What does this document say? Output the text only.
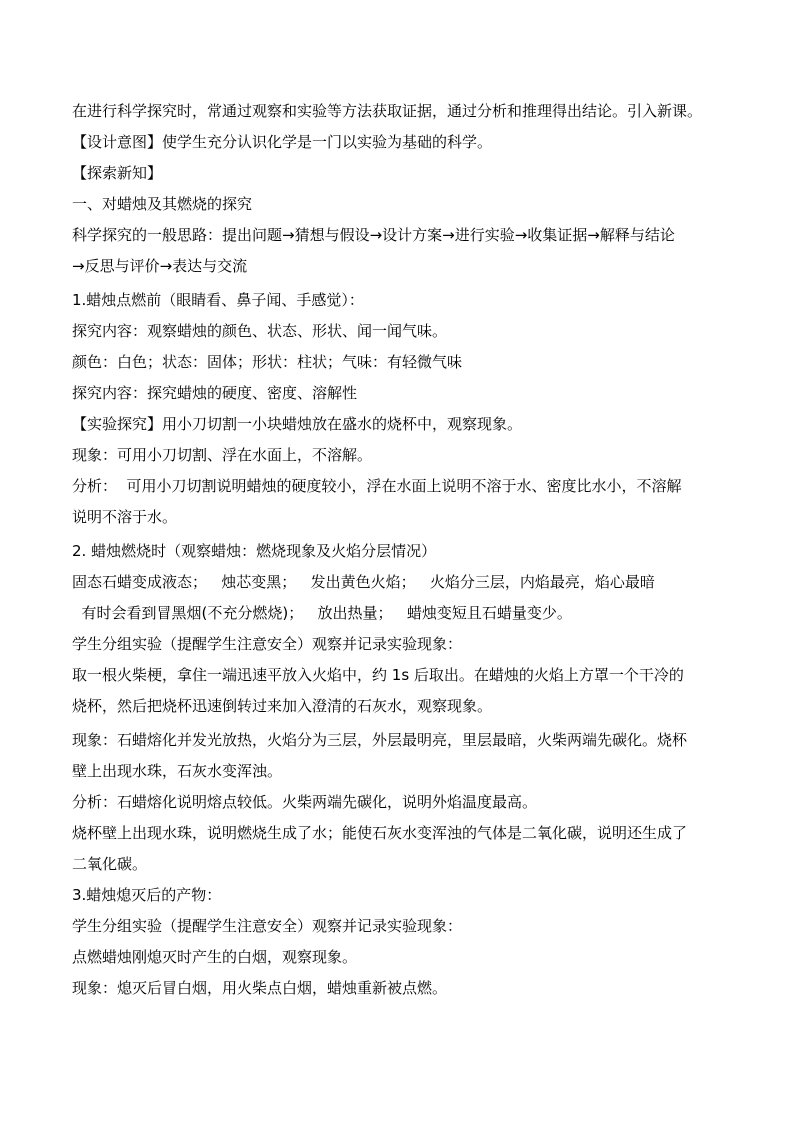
在进行科学探究时，常通过观察和实验等方法获取证据，通过分析和推理得出结论。引入新课。
【设计意图】使学生充分认识化学是一门以实验为基础的科学。
【探索新知】
一、对蜡烛及其燃烧的探究
科学探究的一般思路：提出问题→猜想与假设→设计方案→进行实验→收集证据→解释与结论
→反思与评价→表达与交流
1.蜡烛点燃前（眼睛看、鼻子闻、手感觉）：
探究内容：观察蜡烛的颜色、状态、形状、闻一闻气味。
颜色：白色；状态：固体；形状：柱状；气味：有轻微气味
探究内容：探究蜡烛的硬度、密度、溶解性
【实验探究】用小刀切割一小块蜡烛放在盛水的烧杯中，观察现象。
现象：可用小刀切割、浮在水面上，不溶解。
分析：  可用小刀切割说明蜡烛的硬度较小，浮在水面上说明不溶于水、密度比水小，不溶解
说明不溶于水。
2. 蜡烛燃烧时（观察蜡烛：燃烧现象及火焰分层情况）
固态石蜡变成液态；   烛芯变黑；   发出黄色火焰；   火焰分三层，内焰最亮，焰心最暗
有时会看到冒黑烟(不充分燃烧)；   放出热量；   蜡烛变短且石蜡量变少。
学生分组实验（提醒学生注意安全）观察并记录实验现象：
取一根火柴梗，拿住一端迅速平放入火焰中，约 1s 后取出。在蜡烛的火焰上方罩一个干冷的
烧杯，然后把烧杯迅速倒转过来加入澄清的石灰水，观察现象。
现象：石蜡熔化并发光放热，火焰分为三层，外层最明亮，里层最暗，火柴两端先碳化。烧杯
壁上出现水珠，石灰水变浑浊。
分析：石蜡熔化说明熔点较低。火柴两端先碳化，说明外焰温度最高。
烧杯壁上出现水珠，说明燃烧生成了水；能使石灰水变浑浊的气体是二氧化碳，说明还生成了
二氧化碳。
3.蜡烛熄灭后的产物：
学生分组实验（提醒学生注意安全）观察并记录实验现象：
点燃蜡烛刚熄灭时产生的白烟，观察现象。
现象：熄灭后冒白烟，用火柴点白烟，蜡烛重新被点燃。
